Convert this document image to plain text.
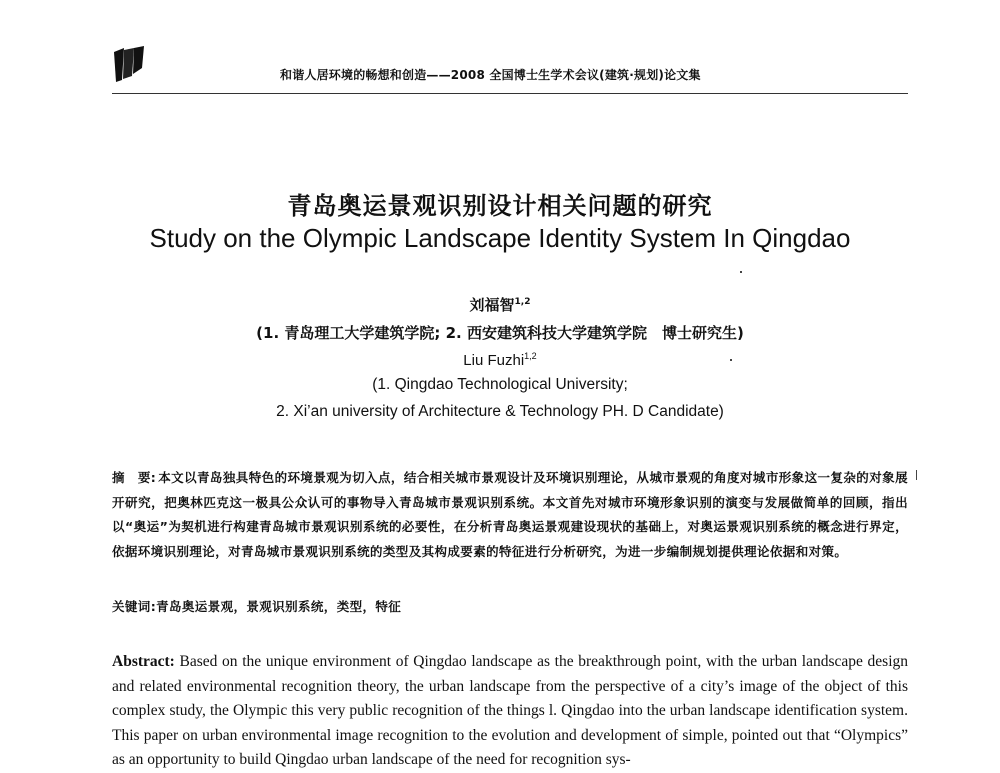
和谐人居环境的畅想和创造——2008 全国博士生学术会议(建筑·规划)论文集
青岛奥运景观识别设计相关问题的研究
Study on the Olympic Landscape Identity System In Qingdao
刘福智$^{1,2}$
(1. 青岛理工大学建筑学院; 2. 西安建筑科技大学建筑学院　博士研究生)
Liu Fuzhi$^{1,2}$
(1. Qingdao Technological University;
2. Xi’an university of Architecture & Technology PH. D Candidate)
摘　要: 本文以青岛独具特色的环境景观为切入点，结合相关城市景观设计及环境识别理论，从城市景观的角度对城市形象这一复杂的对象展开研究，把奥林匹克这一极具公众认可的事物导入青岛城市景观识别系统。本文首先对城市环境形象识别的演变与发展做简单的回顾，指出以“奥运”为契机进行构建青岛城市景观识别系统的必要性，在分析青岛奥运景观建设现状的基础上，对奥运景观识别系统的概念进行界定，依据环境识别理论，对青岛城市景观识别系统的类型及其构成要素的特征进行分析研究，为进一步编制规划提供理论依据和对策。
关键词:青岛奥运景观，景观识别系统，类型，特征
Abstract: Based on the unique environment of Qingdao landscape as the breakthrough point, with the urban landscape design and related environmental recognition theory, the urban landscape from the perspective of a city’s image of the object of this complex study, the Olympic this very public recognition of the things l. Qingdao into the urban landscape identification system. This paper on urban environmental image recognition to the evolution and development of simple, pointed out that “Olympics” as an opportunity to build Qingdao urban landscape of the need for recognition sys-
